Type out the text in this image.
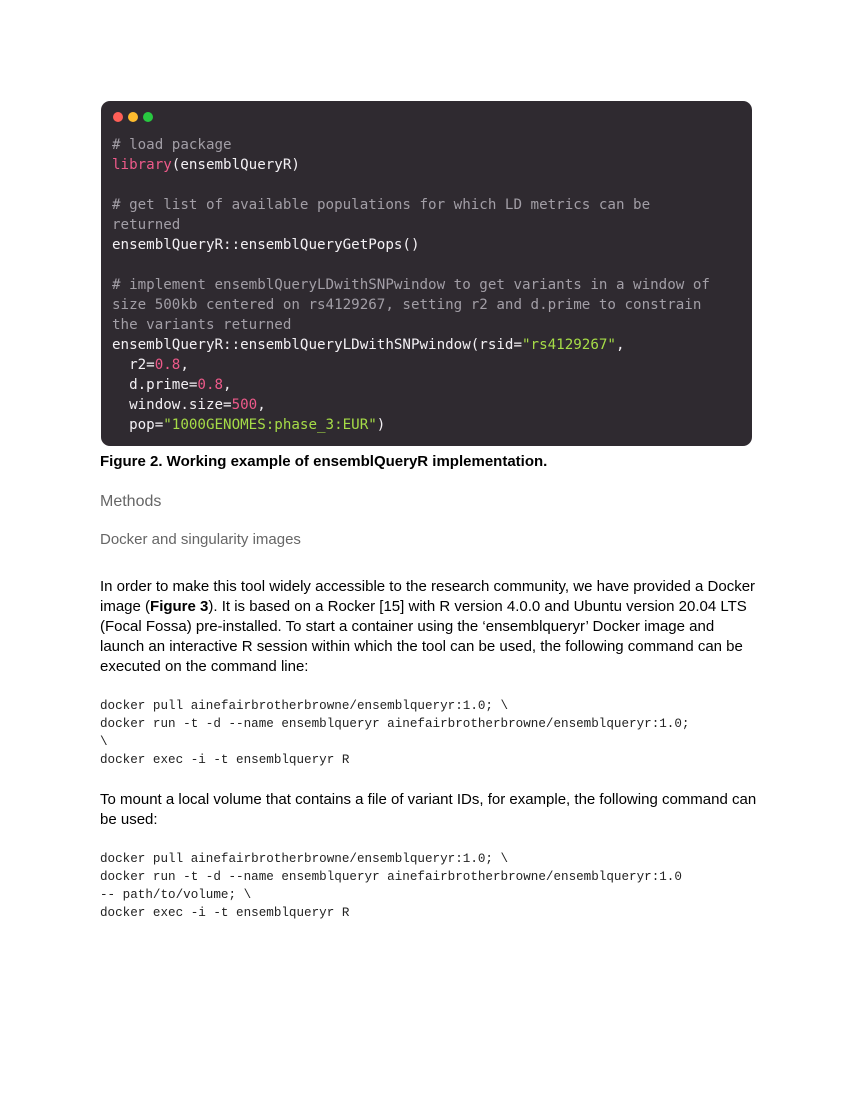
# load package
library(ensemblQueryR)
# get list of available populations for which LD metrics can be
returned
ensemblQueryR::ensemblQueryGetPops()
# implement ensemblQueryLDwithSNPwindow to get variants in a window of
size 500kb centered on rs4129267, setting r2 and d.prime to constrain
the variants returned
ensemblQueryR::ensemblQueryLDwithSNPwindow(rsid="rs4129267",
r2=0.8,
d.prime=0.8,
window.size=500,
pop="1000GENOMES:phase_3:EUR")
Figure 2. Working example of ensemblQueryR implementation.
Methods
Docker and singularity images
In order to make this tool widely accessible to the research community, we have provided a Docker image (Figure 3). It is based on a Rocker [15] with R version 4.0.0 and Ubuntu version 20.04 LTS (Focal Fossa) pre-installed. To start a container using the ‘ensemblqueryr’ Docker image and launch an interactive R session within which the tool can be used, the following command can be executed on the command line:
docker pull ainefairbrotherbrowne/ensemblqueryr:1.0; \
docker run -t -d --name ensemblqueryr ainefairbrotherbrowne/ensemblqueryr:1.0;
\
docker exec -i -t ensemblqueryr R
To mount a local volume that contains a file of variant IDs, for example, the following command can be used:
docker pull ainefairbrotherbrowne/ensemblqueryr:1.0; \
docker run -t -d --name ensemblqueryr ainefairbrotherbrowne/ensemblqueryr:1.0
-- path/to/volume; \
docker exec -i -t ensemblqueryr R
